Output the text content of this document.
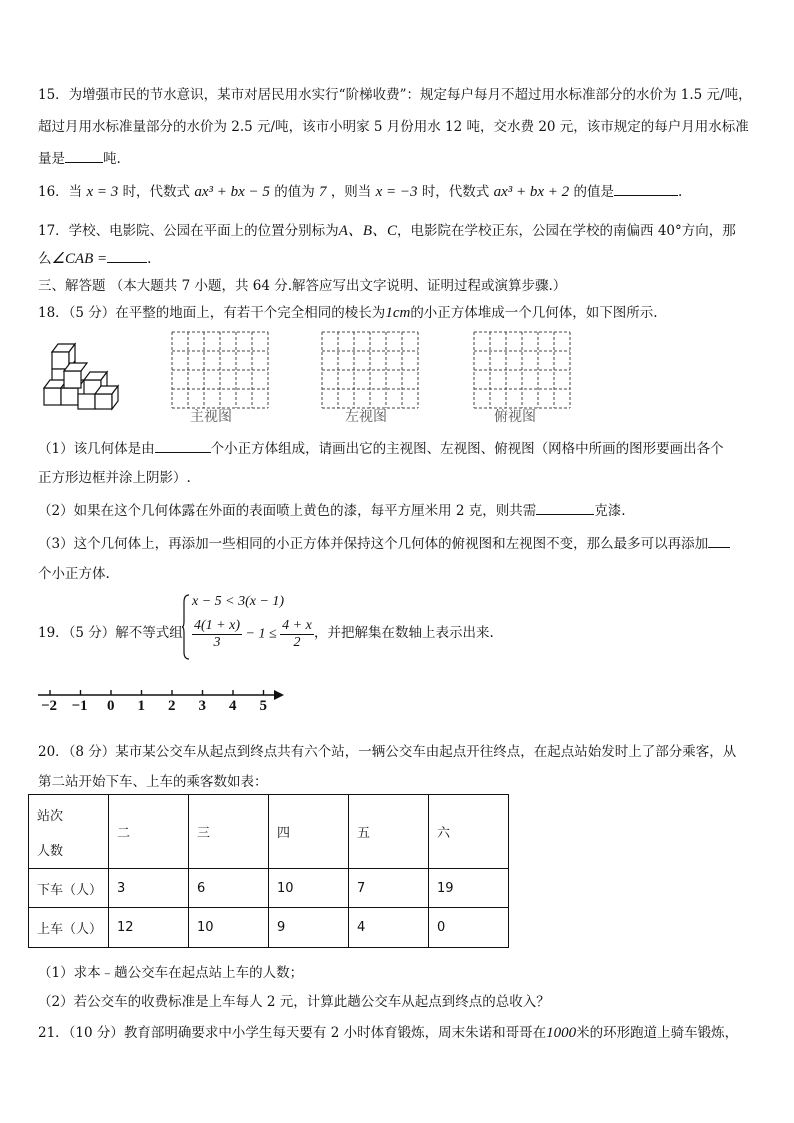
15．为增强市民的节水意识，某市对居民用水实行“阶梯收费”：规定每户每月不超过用水标准部分的水价为 1.5 元/吨，
超过月用水标准量部分的水价为 2.5 元/吨，该市小明家 5 月份用水 12 吨，交水费 20 元，该市规定的每户月用水标准
量是	吨.
16．当 x = 3 时，代数式 ax³ + bx − 5 的值为 7 ，则当 x = −3 时，代数式 ax³ + bx + 2 的值是	.
17．学校、电影院、公园在平面上的位置分别标为A、B、C，电影院在学校正东，公园在学校的南偏西 40°方向，那
么∠CAB =	.
三、解答题 （本大题共 7 小题，共 64 分.解答应写出文字说明、证明过程或演算步骤.）
18．（5 分）在平整的地面上，有若干个完全相同的棱长为1cm的小正方体堆成一个几何体，如下图所示.
主视图	左视图	俯视图
（1）该几何体是由	个小正方体组成，请画出它的主视图、左视图、俯视图（网格中所画的图形要画出各个
正方形边框并涂上阴影）.
（2）如果在这个几何体露在外面的表面喷上黄色的漆，每平方厘米用 2 克，则共需	克漆.
（3）这个几何体上，再添加一些相同的小正方体并保持这个几何体的俯视图和左视图不变，那么最多可以再添加
个小正方体.
19．（5 分）解不等式组
x − 5 < 3(x − 1)
$\frac{4(1 + x)}{3} - 1 \le \frac{4 + x}{2}$ ，并把解集在数轴上表示出来.
−2 −1 0 1 2 3 4 5
20．（8 分）某市某公交车从起点到终点共有六个站，一辆公交车由起点开往终点，在起点站始发时上了部分乘客，从
第二站开始下车、上车的乘客数如表：
站次
人数	二	三	四	五	六
下车（人）	3	6	10	7	19
上车（人）	12	10	9	4	0
（1）求本﹣趟公交车在起点站上车的人数；
（2）若公交车的收费标准是上车每人 2 元，计算此趟公交车从起点到终点的总收入？
21．（10 分）教育部明确要求中小学生每天要有 2 小时体育锻炼，周末朱诺和哥哥在1000米的环形跑道上骑车锻炼，
